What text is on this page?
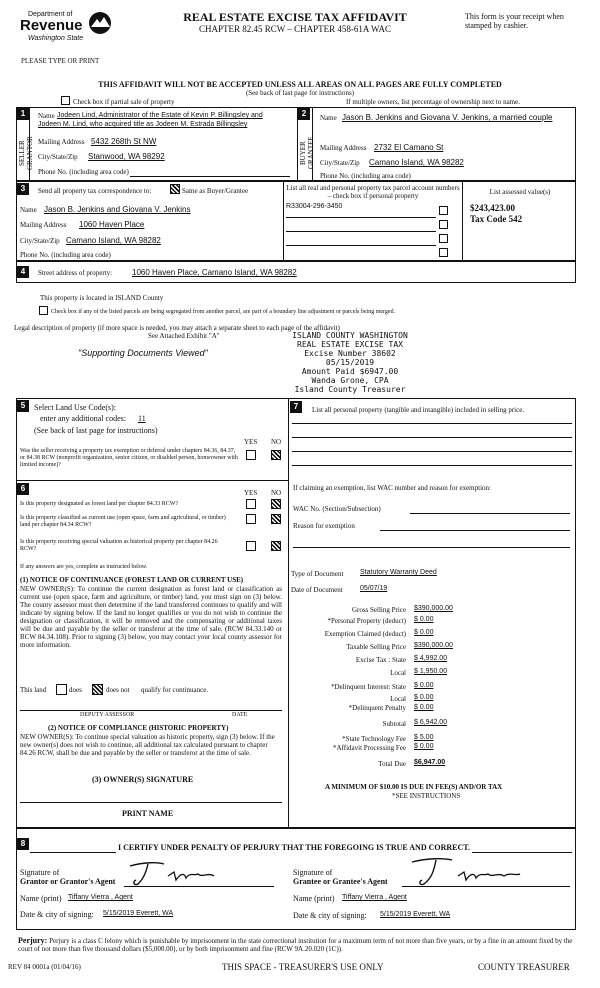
Department of
Revenue
Washington State
REAL ESTATE EXCISE TAX AFFIDAVIT
CHAPTER 82.45 RCW – CHAPTER 458-61A WAC
This form is your receipt when stamped by cashier.
PLEASE TYPE OR PRINT
THIS AFFIDAVIT WILL NOT BE ACCEPTED UNLESS ALL AREAS ON ALL PAGES ARE FULLY COMPLETED
(See back of last page for instructions)
Check box if partial sale of property	If multiple owners, list percentage of ownership next to name.
1
SELLER GRANTOR
Name Jodeen Lind, Administrator of the Estate of Kevin P. Billingsley and
Jodeen M. Lind, who acquired title as Jodeen M. Estrada Billingsley
Mailing Address 5432 268th St NW
City/State/Zip Stanwood, WA 98292
Phone No. (including area code)
2
BUYER GRANTEE
Name Jason B. Jenkins and Giovana V. Jenkins, a married couple
Mailing Address 2732 El Camano St
City/State/Zip Camano Island, WA 98282
Phone No. (including area code)
3	Send all property tax correspondence to:	Same as Buyer/Grantee
Name Jason B. Jenkins and Giovana V. Jenkins
Mailing Address 1060 Haven Place
City/State/Zip Camano Island, WA 98282
Phone No. (including area code)
List all real and personal property tax parcel account numbers – check box if personal property
R33004-296-3450
List assessed value(s)
$243,423.00
Tax Code 542
4	Street address of property: 1060 Haven Place, Camano Island, WA 98282
This property is located in ISLAND County
Check box if any of the listed parcels are being segregated from another parcel, are part of a boundary line adjustment or parcels being merged.
Legal description of property (if more space is needed, you may attach a separate sheet to each page of the affidavit)
See Attached Exhibit "A"
"Supporting Documents Viewed"
ISLAND COUNTY WASHINGTON
REAL ESTATE EXCISE TAX
Excise Number 38602
05/15/2019
Amount Paid $6947.00
Wanda Grone, CPA
Island County Treasurer
5	Select Land Use Code(s):
enter any additional codes: 11
(See back of last page for instructions)
YES NO
Was the seller receiving a property tax exemption or deferral under chapters 84.36, 84.37, or 84.38 RCW (nonprofit organization, senior citizen, or disabled person, homeowner with limited income)?
6	YES NO
Is this property designated as forest land per chapter 84.33 RCW?
Is this property classified as current use (open space, farm and agricultural, or timber) land per chapter 84.34 RCW?
Is this property receiving special valuation as historical property per chapter 84.26 RCW?
If any answers are yes, complete as instructed below.
(1) NOTICE OF CONTINUANCE (FOREST LAND OR CURRENT USE)
NEW OWNER(S): To continue the current designation as forest land or classification as current use (open space, farm and agriculture, or timber) land, you must sign on (3) below. The county assessor must then determine if the land transferred continues to qualify and will indicate by signing below. If the land no longer qualifies or you do not wish to continue the designation or classification, it will be removed and the compensating or additional taxes will be due and payable by the seller or transferor at the time of sale. (RCW 84.33.140 or RCW 84.34.108). Prior to signing (3) below, you may contact your local county assessor for more information.
This land	does	does not qualify for continuance.
DEPUTY ASSESSOR	DATE
(2) NOTICE OF COMPLIANCE (HISTORIC PROPERTY)
NEW OWNER(S): To continue special valuation as historic property, sign (3) below. If the new owner(s) does not wish to continue, all additional tax calculated pursuant to chapter 84.26 RCW, shall be due and payable by the seller or transferor at the time of sale.
(3) OWNER(S) SIGNATURE
PRINT NAME
7	List all personal property (tangible and intangible) included in selling price.
If claiming an exemption, list WAC number and reason for exemption:
WAC No. (Section/Subsection)
Reason for exemption
Type of Document Statutory Warranty Deed
Date of Document 05/07/19
Gross Selling Price $390,000.00
*Personal Property (deduct) $ 0.00
Exemption Claimed (deduct) $ 0.00
Taxable Selling Price $390,000.00
Excise Tax : State $ 4,992.00
Local $ 1,950.00
*Delinquent Interest: State $ 0.00
Local $ 0.00
*Delinquent Penalty $ 0.00
Subtotal $ 6,942.00
*State Technology Fee $ 5.00
*Affidavit Processing Fee $ 0.00
Total Due $6,947.00
A MINIMUM OF $10.00 IS DUE IN FEE(S) AND/OR TAX
*SEE INSTRUCTIONS
8	I CERTIFY UNDER PENALTY OF PERJURY THAT THE FOREGOING IS TRUE AND CORRECT.
Signature of
Grantor or Grantor's Agent
Name (print) Tiffany Vierra , Agent
Date & city of signing: 5/15/2019 Everett, WA
Signature of
Grantee or Grantee's Agent
Name (print) Tiffany Vierra , Agent
Date & city of signing: 5/15/2019 Everett, WA
Perjury: Perjury is a class C felony which is punishable by imprisonment in the state correctional institution for a maximum term of not more than five years, or by a fine in an amount fixed by the court of not more than five thousand dollars ($5,000.00), or by both imprisonment and fine (RCW 9A.20.020 (1C)).
REV 84 0001a (01/04/16)	THIS SPACE - TREASURER'S USE ONLY	COUNTY TREASURER
